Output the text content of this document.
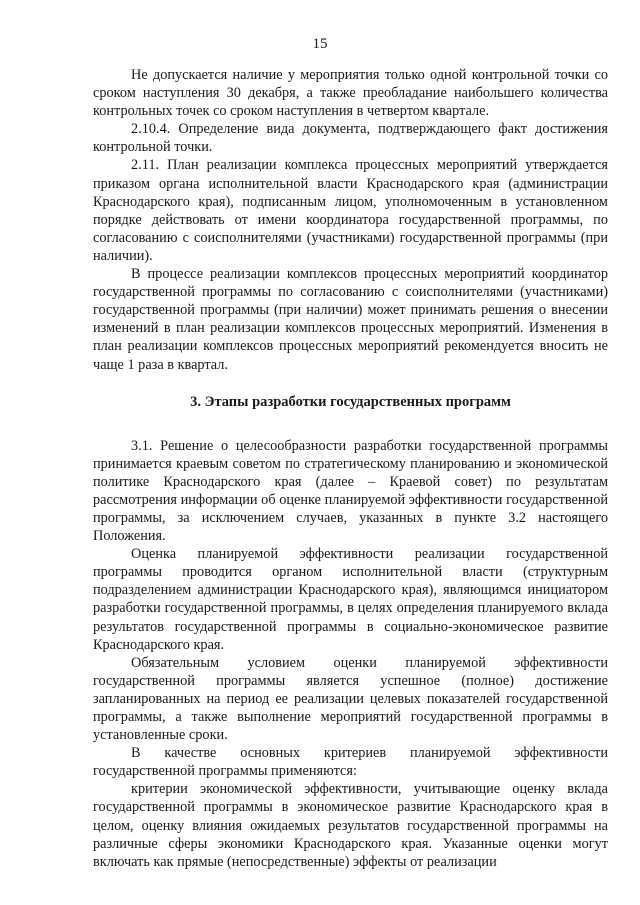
15

Не допускается наличие у мероприятия только одной контрольной точки со сроком наступления 30 декабря, а также преобладание наибольшего количества контрольных точек со сроком наступления в четвертом квартале.

2.10.4. Определение вида документа, подтверждающего факт достижения контрольной точки.

2.11. План реализации комплекса процессных мероприятий утверждается приказом органа исполнительной власти Краснодарского края (администрации Краснодарского края), подписанным лицом, уполномоченным в установленном порядке действовать от имени координатора государственной программы, по согласованию с соисполнителями (участниками) государственной программы (при наличии).

В процессе реализации комплексов процессных мероприятий координатор государственной программы по согласованию с соисполнителями (участниками) государственной программы (при наличии) может принимать решения о внесении изменений в план реализации комплексов процессных мероприятий. Изменения в план реализации комплексов процессных мероприятий рекомендуется вносить не чаще 1 раза в квартал.

3. Этапы разработки государственных программ

3.1. Решение о целесообразности разработки государственной программы принимается краевым советом по стратегическому планированию и экономической политике Краснодарского края (далее – Краевой совет) по результатам рассмотрения информации об оценке планируемой эффективности государственной программы, за исключением случаев, указанных в пункте 3.2 настоящего Положения.

Оценка планируемой эффективности реализации государственной программы проводится органом исполнительной власти (структурным подразделением администрации Краснодарского края), являющимся инициатором разработки государственной программы, в целях определения планируемого вклада результатов государственной программы в социально-экономическое развитие Краснодарского края.

Обязательным условием оценки планируемой эффективности государственной программы является успешное (полное) достижение запланированных на период ее реализации целевых показателей государственной программы, а также выполнение мероприятий государственной программы в установленные сроки.

В качестве основных критериев планируемой эффективности государственной программы применяются:

критерии экономической эффективности, учитывающие оценку вклада государственной программы в экономическое развитие Краснодарского края в целом, оценку влияния ожидаемых результатов государственной программы на различные сферы экономики Краснодарского края. Указанные оценки могут включать как прямые (непосредственные) эффекты от реализации
